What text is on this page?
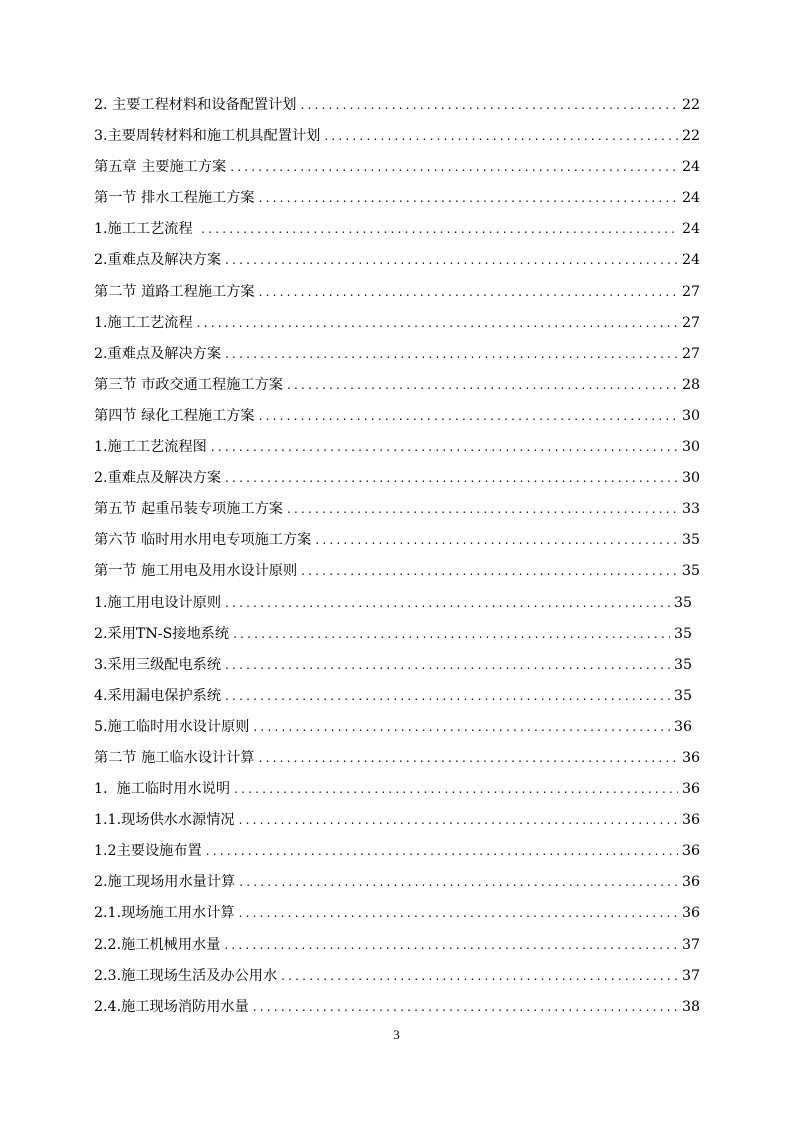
2. 主要工程材料和设备配置计划 .....	22
3.主要周转材料和施工机具配置计划 .....	22
第五章 主要施工方案 .....	24
第一节 排水工程施工方案 .....	24
1.施工工艺流程 .....	24
2.重难点及解决方案 .....	24
第二节 道路工程施工方案 .....	27
1.施工工艺流程 .....	27
2.重难点及解决方案 .....	27
第三节 市政交通工程施工方案 .....	28
第四节 绿化工程施工方案 .....	30
1.施工工艺流程图 .....	30
2.重难点及解决方案 .....	30
第五节 起重吊装专项施工方案 .....	33
第六节 临时用水用电专项施工方案 .....	35
第一节 施工用电及用水设计原则 .....	35
1.施工用电设计原则 .....	35
2.采用TN-S接地系统 .....	35
3.采用三级配电系统 .....	35
4.采用漏电保护系统 .....	35
5.施工临时用水设计原则 .....	36
第二节 施工临水设计计算 .....	36
1.  施工临时用水说明 .....	36
1.1.现场供水水源情况 .....	36
1.2主要设施布置 .....	36
2.施工现场用水量计算 .....	36
2.1.现场施工用水计算 .....	36
2.2.施工机械用水量 .....	37
2.3.施工现场生活及办公用水 .....	37
2.4.施工现场消防用水量 .....	38
3
